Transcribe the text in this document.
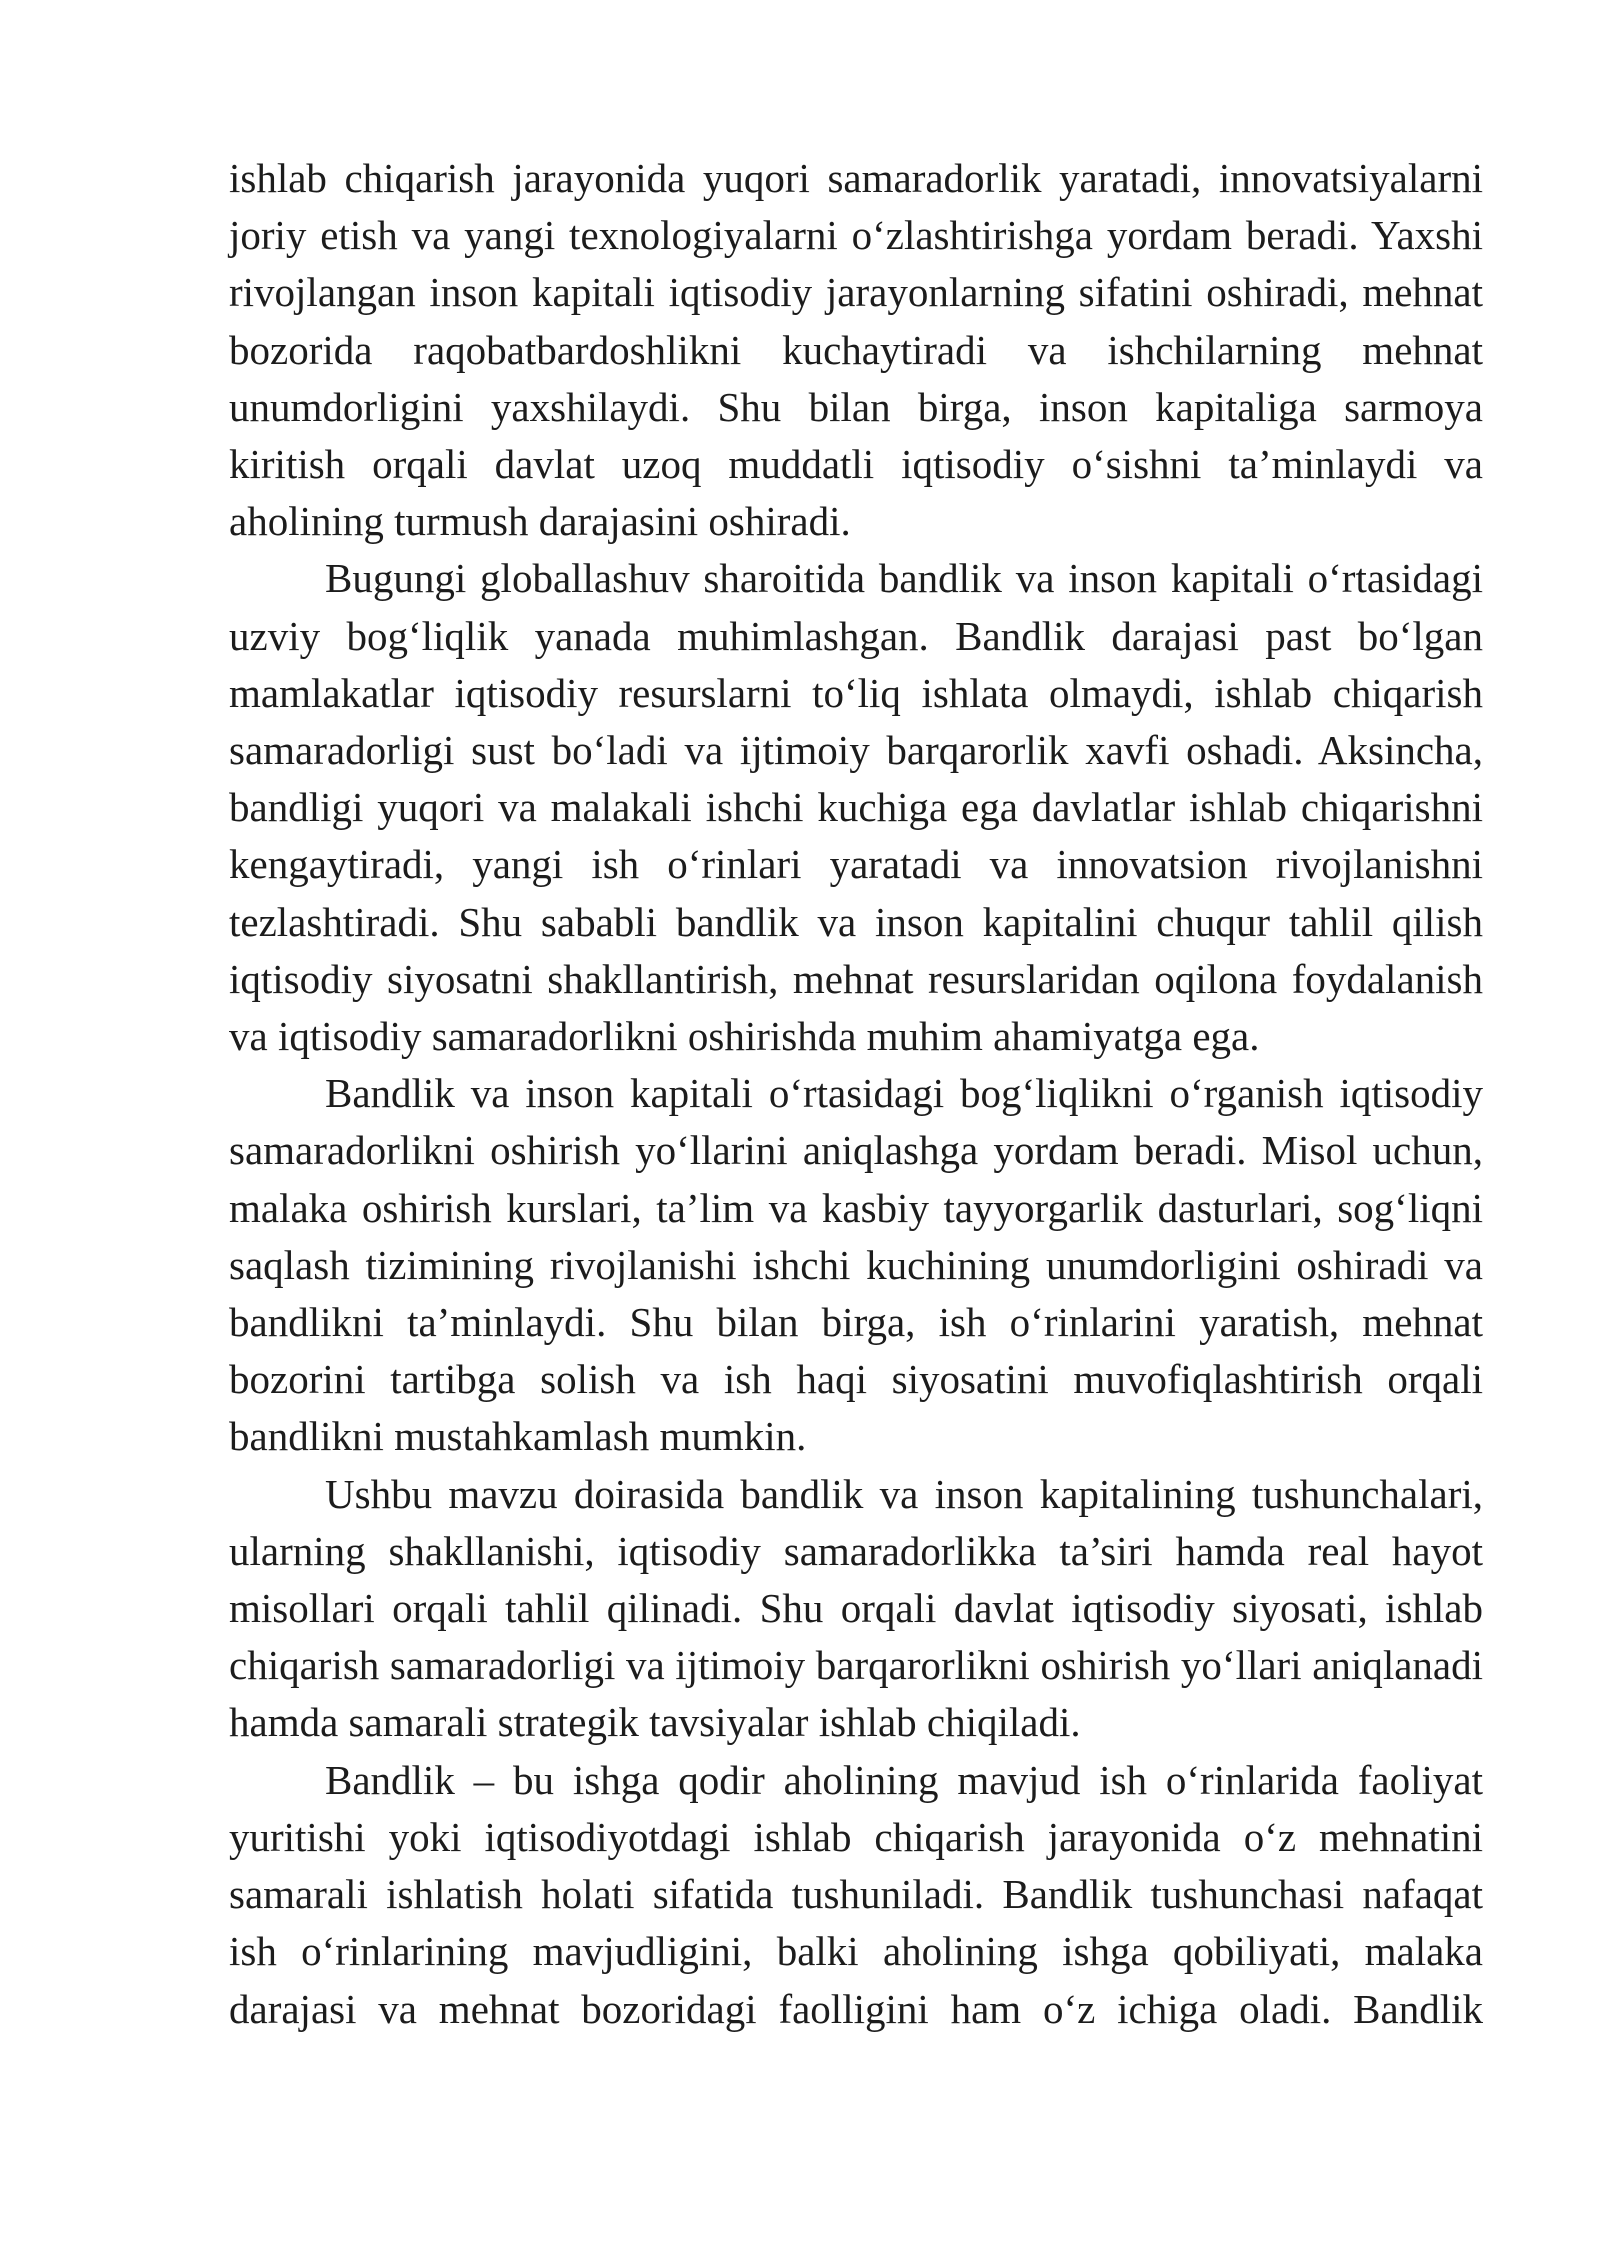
ishlab chiqarish jarayonida yuqori samaradorlik yaratadi, innovatsiyalarni joriy etish va yangi texnologiyalarni o‘zlashtirishga yordam beradi. Yaxshi rivojlangan inson kapitali iqtisodiy jarayonlarning sifatini oshiradi, mehnat bozorida raqobatbardoshlikni kuchaytiradi va ishchilarning mehnat unumdorligini yaxshilaydi. Shu bilan birga, inson kapitaliga sarmoya kiritish orqali davlat uzoq muddatli iqtisodiy o‘sishni ta’minlaydi va aholining turmush darajasini oshiradi.

Bugungi globallashuv sharoitida bandlik va inson kapitali o‘rtasidagi uzviy bog‘liqlik yanada muhimlashgan. Bandlik darajasi past bo‘lgan mamlakatlar iqtisodiy resurslarni to‘liq ishlata olmaydi, ishlab chiqarish samaradorligi sust bo‘ladi va ijtimoiy barqarorlik xavfi oshadi. Aksincha, bandligi yuqori va malakali ishchi kuchiga ega davlatlar ishlab chiqarishni kengaytiradi, yangi ish o‘rinlari yaratadi va innovatsion rivojlanishni tezlashtiradi. Shu sababli bandlik va inson kapitalini chuqur tahlil qilish iqtisodiy siyosatni shakllantirish, mehnat resurslaridan oqilona foydalanish va iqtisodiy samaradorlikni oshirishda muhim ahamiyatga ega.

Bandlik va inson kapitali o‘rtasidagi bog‘liqlikni o‘rganish iqtisodiy samaradorlikni oshirish yo‘llarini aniqlashga yordam beradi. Misol uchun, malaka oshirish kurslari, ta’lim va kasbiy tayyorgarlik dasturlari, sog‘liqni saqlash tizimining rivojlanishi ishchi kuchining unumdorligini oshiradi va bandlikni ta’minlaydi. Shu bilan birga, ish o‘rinlarini yaratish, mehnat bozorini tartibga solish va ish haqi siyosatini muvofiqlashtirish orqali bandlikni mustahkamlash mumkin.

Ushbu mavzu doirasida bandlik va inson kapitalining tushunchalari, ularning shakllanishi, iqtisodiy samaradorlikka ta’siri hamda real hayot misollari orqali tahlil qilinadi. Shu orqali davlat iqtisodiy siyosati, ishlab chiqarish samaradorligi va ijtimoiy barqarorlikni oshirish yo‘llari aniqlanadi hamda samarali strategik tavsiyalar ishlab chiqiladi.

Bandlik – bu ishga qodir aholining mavjud ish o‘rinlarida faoliyat yuritishi yoki iqtisodiyotdagi ishlab chiqarish jarayonida o‘z mehnatini samarali ishlatish holati sifatida tushuniladi. Bandlik tushunchasi nafaqat ish o‘rinlarining mavjudligini, balki aholining ishga qobiliyati, malaka darajasi va mehnat bozoridagi faolligini ham o‘z ichiga oladi. Bandlik
